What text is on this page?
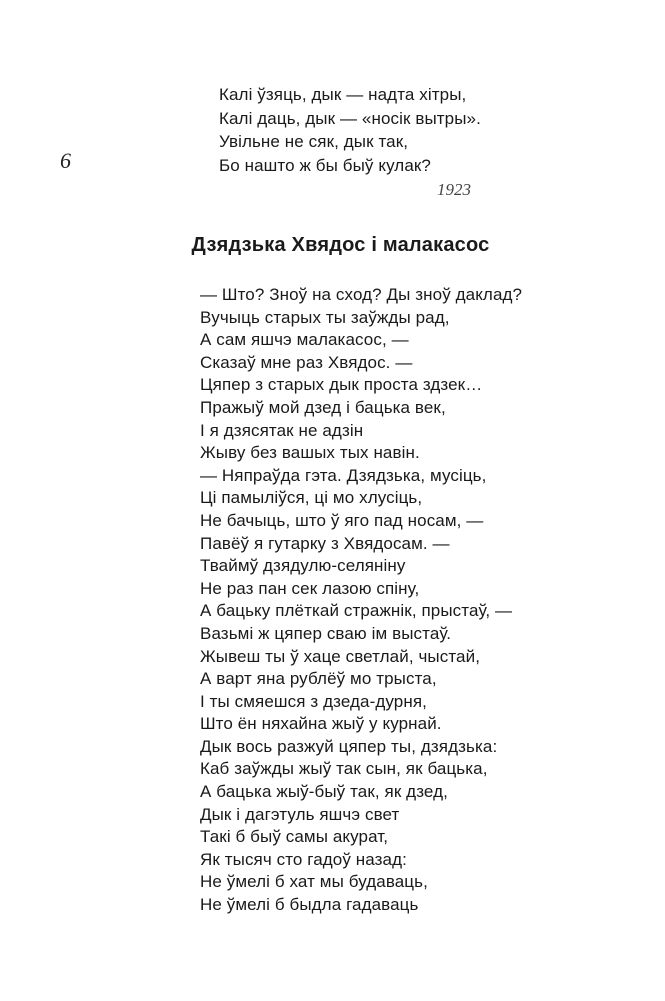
6
Калі ўзяць, дык — надта хітры,
Калі даць, дык — «носік вытры».
Увільне не сяк, дык так,
Бо нашто ж бы быў кулак?
1923
Дзядзька Хвядос і малакасос
— Што? Зноў на сход? Ды зноў даклад?
Вучыць старых ты заўжды рад,
А сам яшчэ малакасос, —
Сказаў мне раз Хвядос. —
Цяпер з старых дык проста здзек…
Пражыў мой дзед і бацька век,
І я дзясятак не адзін
Жыву без вашых тых навін.
— Няпраўда гэта. Дзядзька, мусіць,
Ці памыліўся, ці мо хлусіць,
Не бачыць, што ў яго пад носам, —
Павёў я гутарку з Хвядосам. —
Тваймў дзядулю-селяніну
Не раз пан сек лазою спіну,
А бацьку плёткай стражнік, прыстаў, —
Вазьмі ж цяпер сваю ім выстаў.
Жывеш ты ў хаце светлай, чыстай,
А варт яна рублёў мо трыста,
І ты смяешся з дзеда-дурня,
Што ён няхайна жыў у курнай.
Дык вось разжуй цяпер ты, дзядзька:
Каб заўжды жыў так сын, як бацька,
А бацька жыў-быў так, як дзед,
Дык і дагэтуль яшчэ свет
Такі б быў самы акурат,
Як тысяч сто гадоў назад:
Не ўмелі б хат мы будаваць,
Не ўмелі б быдла гадаваць
